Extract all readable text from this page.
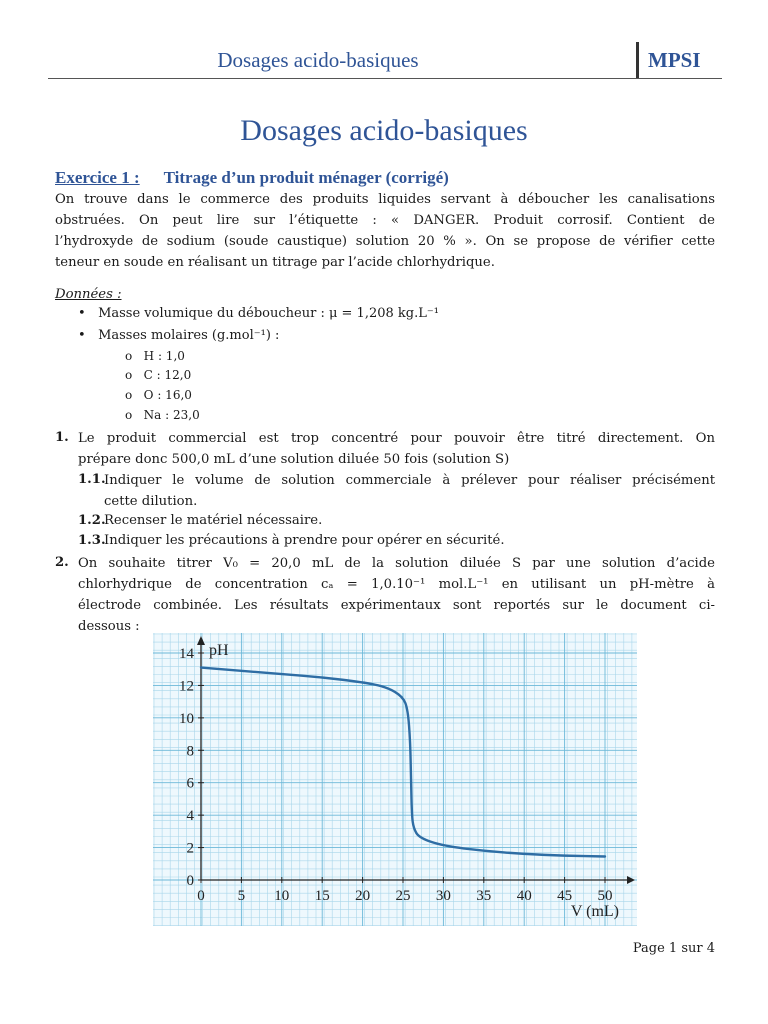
Dosages acido-basiques	MPSI
Dosages acido-basiques
Exercice 1 : Titrage d’un produit ménager (corrigé)

On trouve dans le commerce des produits liquides servant à déboucher les canalisations

obstruées. On peut lire sur l’étiquette : « DANGER. Produit corrosif. Contient de

l’hydroxyde de sodium (soude caustique) solution 20 % ». On se propose de vérifier cette

teneur en soude en réalisant un titrage par l’acide chlorhydrique.

Données :
• Masse volumique du déboucheur : μ = 1,208 kg.L⁻¹
• Masses molaires (g.mol⁻¹) :
o   H : 1,0
o   C : 12,0
o   O : 16,0
o   Na : 23,0
1. Le produit commercial est trop concentré pour pouvoir être titré directement. On

prépare donc 500,0 mL d’une solution diluée 50 fois (solution S)

1.1.

Indiquer le volume de solution commerciale à prélever pour réaliser précisément

cette dilution.

1.2.
Recenser le matériel nécessaire.
1.3.
Indiquer les précautions à prendre pour opérer en sécurité.
2. On souhaite titrer V₀ = 20,0 mL de la solution diluée S par une solution d’acide

chlorhydrique de concentration cₐ = 1,0.10⁻¹ mol.L⁻¹ en utilisant un pH-mètre à

électrode combinée. Les résultats expérimentaux sont reportés sur le document ci-

dessous :

0 5 10 15 20 25 30 35 40 45 50
0
2
4
6
8
10
12
14 pH
V (mL)
Page 1 sur 4
